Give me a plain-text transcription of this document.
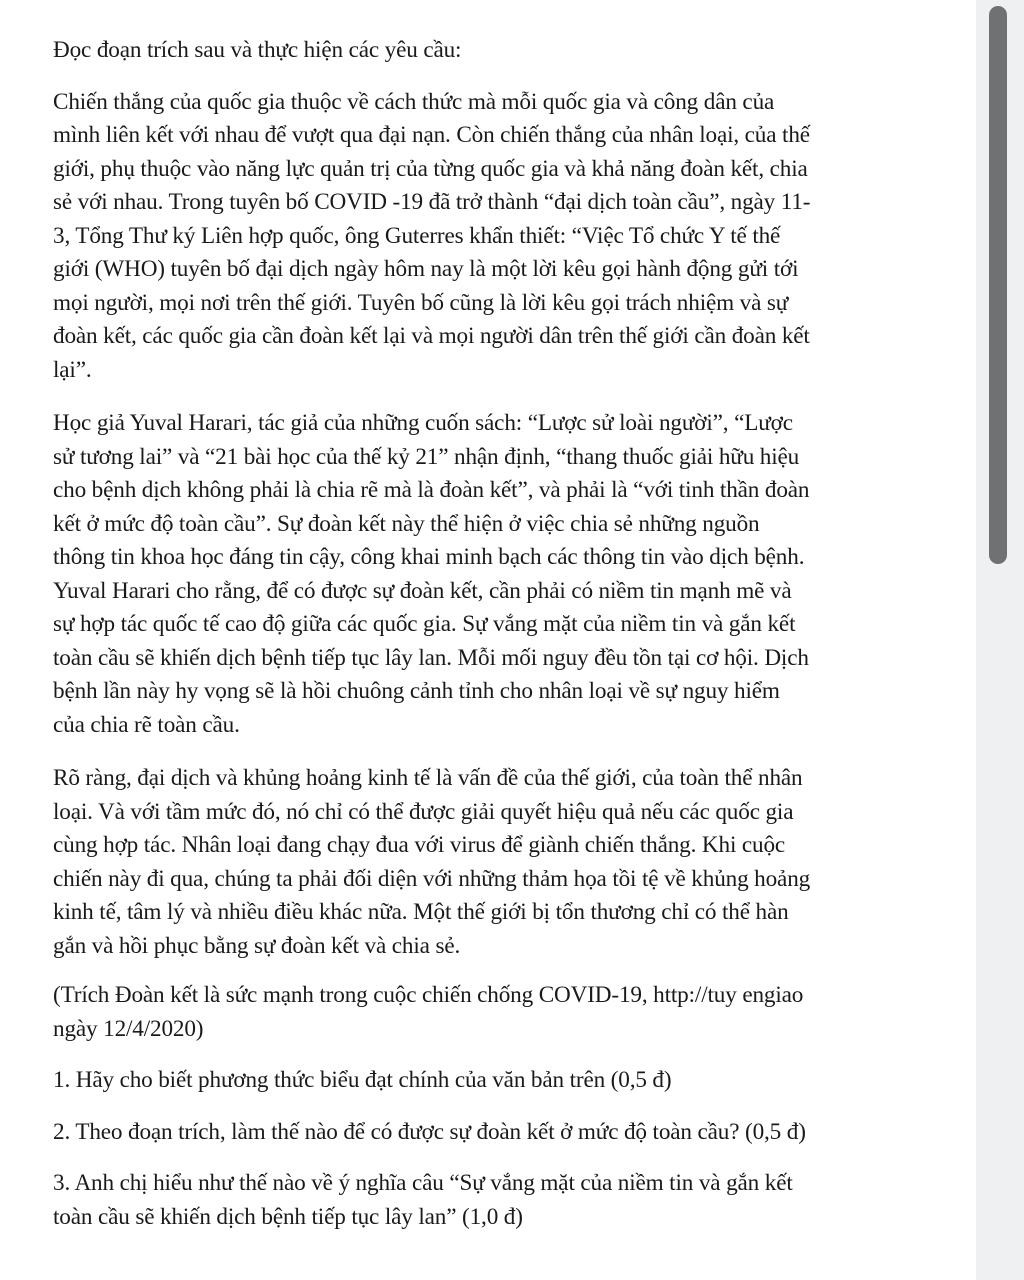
Đọc đoạn trích sau và thực hiện các yêu cầu:

Chiến thắng của quốc gia thuộc về cách thức mà mỗi quốc gia và công dân của
mình liên kết với nhau để vượt qua đại nạn. Còn chiến thắng của nhân loại, của thế
giới, phụ thuộc vào năng lực quản trị của từng quốc gia và khả năng đoàn kết, chia
sẻ với nhau. Trong tuyên bố COVID -19 đã trở thành “đại dịch toàn cầu”, ngày 11-
3, Tổng Thư ký Liên hợp quốc, ông Guterres khẩn thiết: “Việc Tổ chức Y tế thế
giới (WHO) tuyên bố đại dịch ngày hôm nay là một lời kêu gọi hành động gửi tới
mọi người, mọi nơi trên thế giới. Tuyên bố cũng là lời kêu gọi trách nhiệm và sự
đoàn kết, các quốc gia cần đoàn kết lại và mọi người dân trên thế giới cần đoàn kết
lại”.

Học giả Yuval Harari, tác giả của những cuốn sách: “Lược sử loài người”, “Lược
sử tương lai” và “21 bài học của thế kỷ 21” nhận định, “thang thuốc giải hữu hiệu
cho bệnh dịch không phải là chia rẽ mà là đoàn kết”, và phải là “với tinh thần đoàn
kết ở mức độ toàn cầu”. Sự đoàn kết này thể hiện ở việc chia sẻ những nguồn
thông tin khoa học đáng tin cậy, công khai minh bạch các thông tin vào dịch bệnh.
Yuval Harari cho rằng, để có được sự đoàn kết, cần phải có niềm tin mạnh mẽ và
sự hợp tác quốc tế cao độ giữa các quốc gia. Sự vắng mặt của niềm tin và gắn kết
toàn cầu sẽ khiến dịch bệnh tiếp tục lây lan. Mỗi mối nguy đều tồn tại cơ hội. Dịch
bệnh lần này hy vọng sẽ là hồi chuông cảnh tỉnh cho nhân loại về sự nguy hiểm
của chia rẽ toàn cầu.

Rõ ràng, đại dịch và khủng hoảng kinh tế là vấn đề của thế giới, của toàn thể nhân
loại. Và với tầm mức đó, nó chỉ có thể được giải quyết hiệu quả nếu các quốc gia
cùng hợp tác. Nhân loại đang chạy đua với virus để giành chiến thắng. Khi cuộc
chiến này đi qua, chúng ta phải đối diện với những thảm họa tồi tệ về khủng hoảng
kinh tế, tâm lý và nhiều điều khác nữa. Một thế giới bị tổn thương chỉ có thể hàn
gắn và hồi phục bằng sự đoàn kết và chia sẻ.

(Trích Đoàn kết là sức mạnh trong cuộc chiến chống COVID-19, http://tuy engiao
ngày 12/4/2020)

1. Hãy cho biết phương thức biểu đạt chính của văn bản trên (0,5 đ)

2. Theo đoạn trích, làm thế nào để có được sự đoàn kết ở mức độ toàn cầu? (0,5 đ)

3. Anh chị hiểu như thế nào về ý nghĩa câu “Sự vắng mặt của niềm tin và gắn kết
toàn cầu sẽ khiến dịch bệnh tiếp tục lây lan” (1,0 đ)
